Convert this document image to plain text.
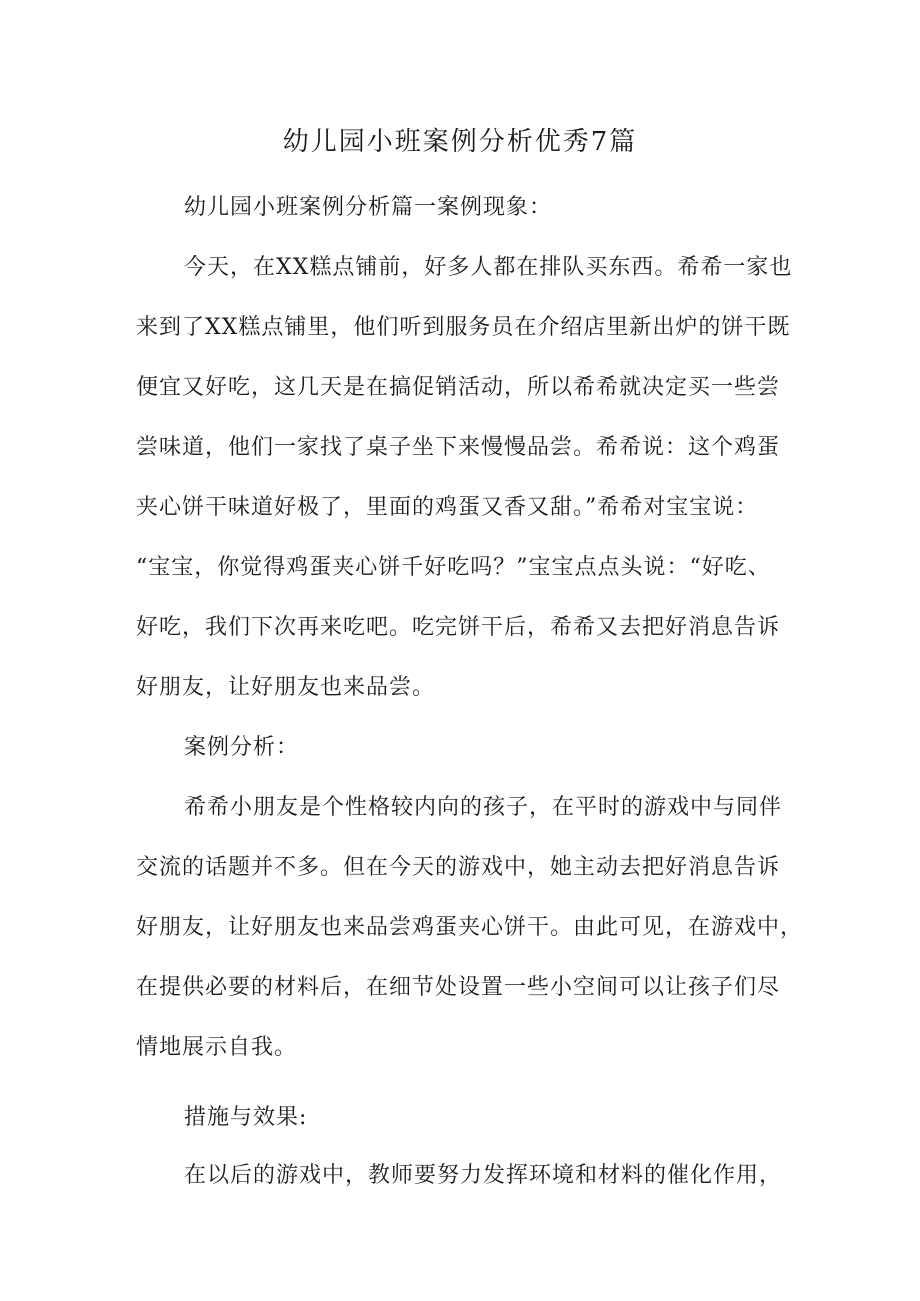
幼儿园小班案例分析优秀7篇

幼儿园小班案例分析篇一案例现象：

今天，在XX糕点铺前，好多人都在排队买东西。希希一家也
来到了XX糕点铺里，他们听到服务员在介绍店里新出炉的饼干既
便宜又好吃，这几天是在搞促销活动，所以希希就决定买一些尝
尝味道，他们一家找了桌子坐下来慢慢品尝。希希说：这个鸡蛋
夹心饼干味道好极了，里面的鸡蛋又香又甜。”希希对宝宝说：
“宝宝，你觉得鸡蛋夹心饼千好吃吗？”宝宝点点头说：“好吃、
好吃，我们下次再来吃吧。吃完饼干后，希希又去把好消息告诉
好朋友，让好朋友也来品尝。

案例分析：

希希小朋友是个性格较内向的孩子，在平时的游戏中与同伴
交流的话题并不多。但在今天的游戏中，她主动去把好消息告诉
好朋友，让好朋友也来品尝鸡蛋夹心饼干。由此可见，在游戏中，
在提供必要的材料后，在细节处设置一些小空间可以让孩子们尽
情地展示自我。

措施与效果:

在以后的游戏中，教师要努力发挥环境和材料的催化作用，
